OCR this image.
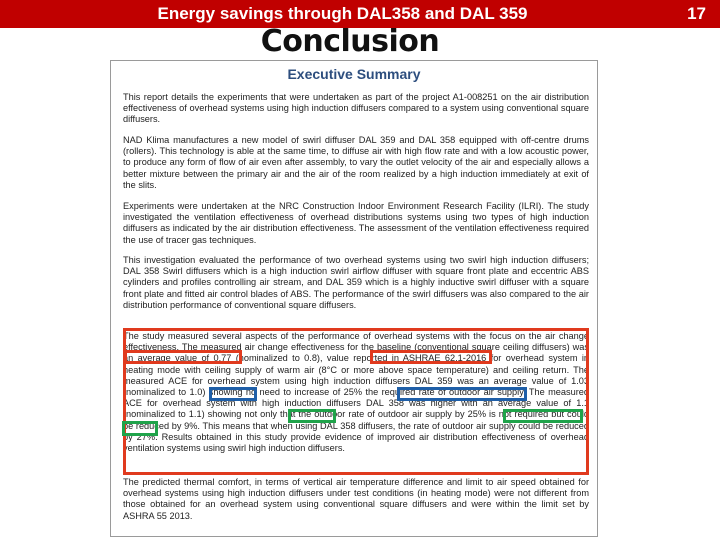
Energy savings through DAL358 and DAL 359	17
Conclusion
Executive Summary

This report details the experiments that were undertaken as part of the project A1-008251 on the air distribution effectiveness of overhead systems using high induction diffusers compared to a system using conventional square diffusers.

NAD Klima manufactures a new model of swirl diffuser DAL 359 and DAL 358 equipped with off-centre drums (rollers). This technology is able at the same time, to diffuse air with high flow rate and with a low acoustic power, to produce any form of flow of air even after assembly, to vary the outlet velocity of the air and especially allows a better mixture between the primary air and the air of the room realized by a high induction immediately at exit of the slits.

Experiments were undertaken at the NRC Construction Indoor Environment Research Facility (ILRI). The study investigated the ventilation effectiveness of overhead distributions systems using two types of high induction diffusers as indicated by the air distribution effectiveness. The assessment of the ventilation effectiveness required the use of tracer gas techniques.

This investigation evaluated the performance of two overhead systems using two swirl high induction diffusers; DAL 358 Swirl diffusers which is a high induction swirl airflow diffuser with square front plate and eccentric ABS cylinders and profiles controlling air stream, and DAL 359 which is a highly inductive swirl diffuser with a square front plate and fitted air control blades of ABS. The performance of the swirl diffusers was also compared to the air distribution performance of conventional square diffusers.

The study measured several aspects of the performance of overhead systems with the focus on the air change effectiveness. The measured air change effectiveness for the baseline (conventional square ceiling diffusers) was an average value of 0.77 (nominalized to 0.8), value reported in ASHRAE 62.1-2016 for overhead system in heating mode with ceiling supply of warm air (8°C or more above space temperature) and ceiling return. The measured ACE for overhead system using high induction diffusers DAL 359 was an average value of 1.03 (nominalized to 1.0) showing no need to increase of 25% the required rate of outdoor air supply. The measured ACE for overhead system with high induction diffusers DAL 358 was higher with an average value of 1.1 (nominalized to 1.1) showing not only that the outdoor rate of outdoor air supply by 25% is not required but could be reduced by 9%. This means that when using DAL 358 diffusers, the rate of outdoor air supply could be reduced by 27%. Results obtained in this study provide evidence of improved air distribution effectiveness of overhead ventilation systems using swirl high induction diffusers.

The predicted thermal comfort, in terms of vertical air temperature difference and limit to air speed obtained for overhead systems using high induction diffusers under test conditions (in heating mode) were not different from those obtained for an overhead system using conventional square diffusers and were within the limit set by ASHRA 55 2013.
